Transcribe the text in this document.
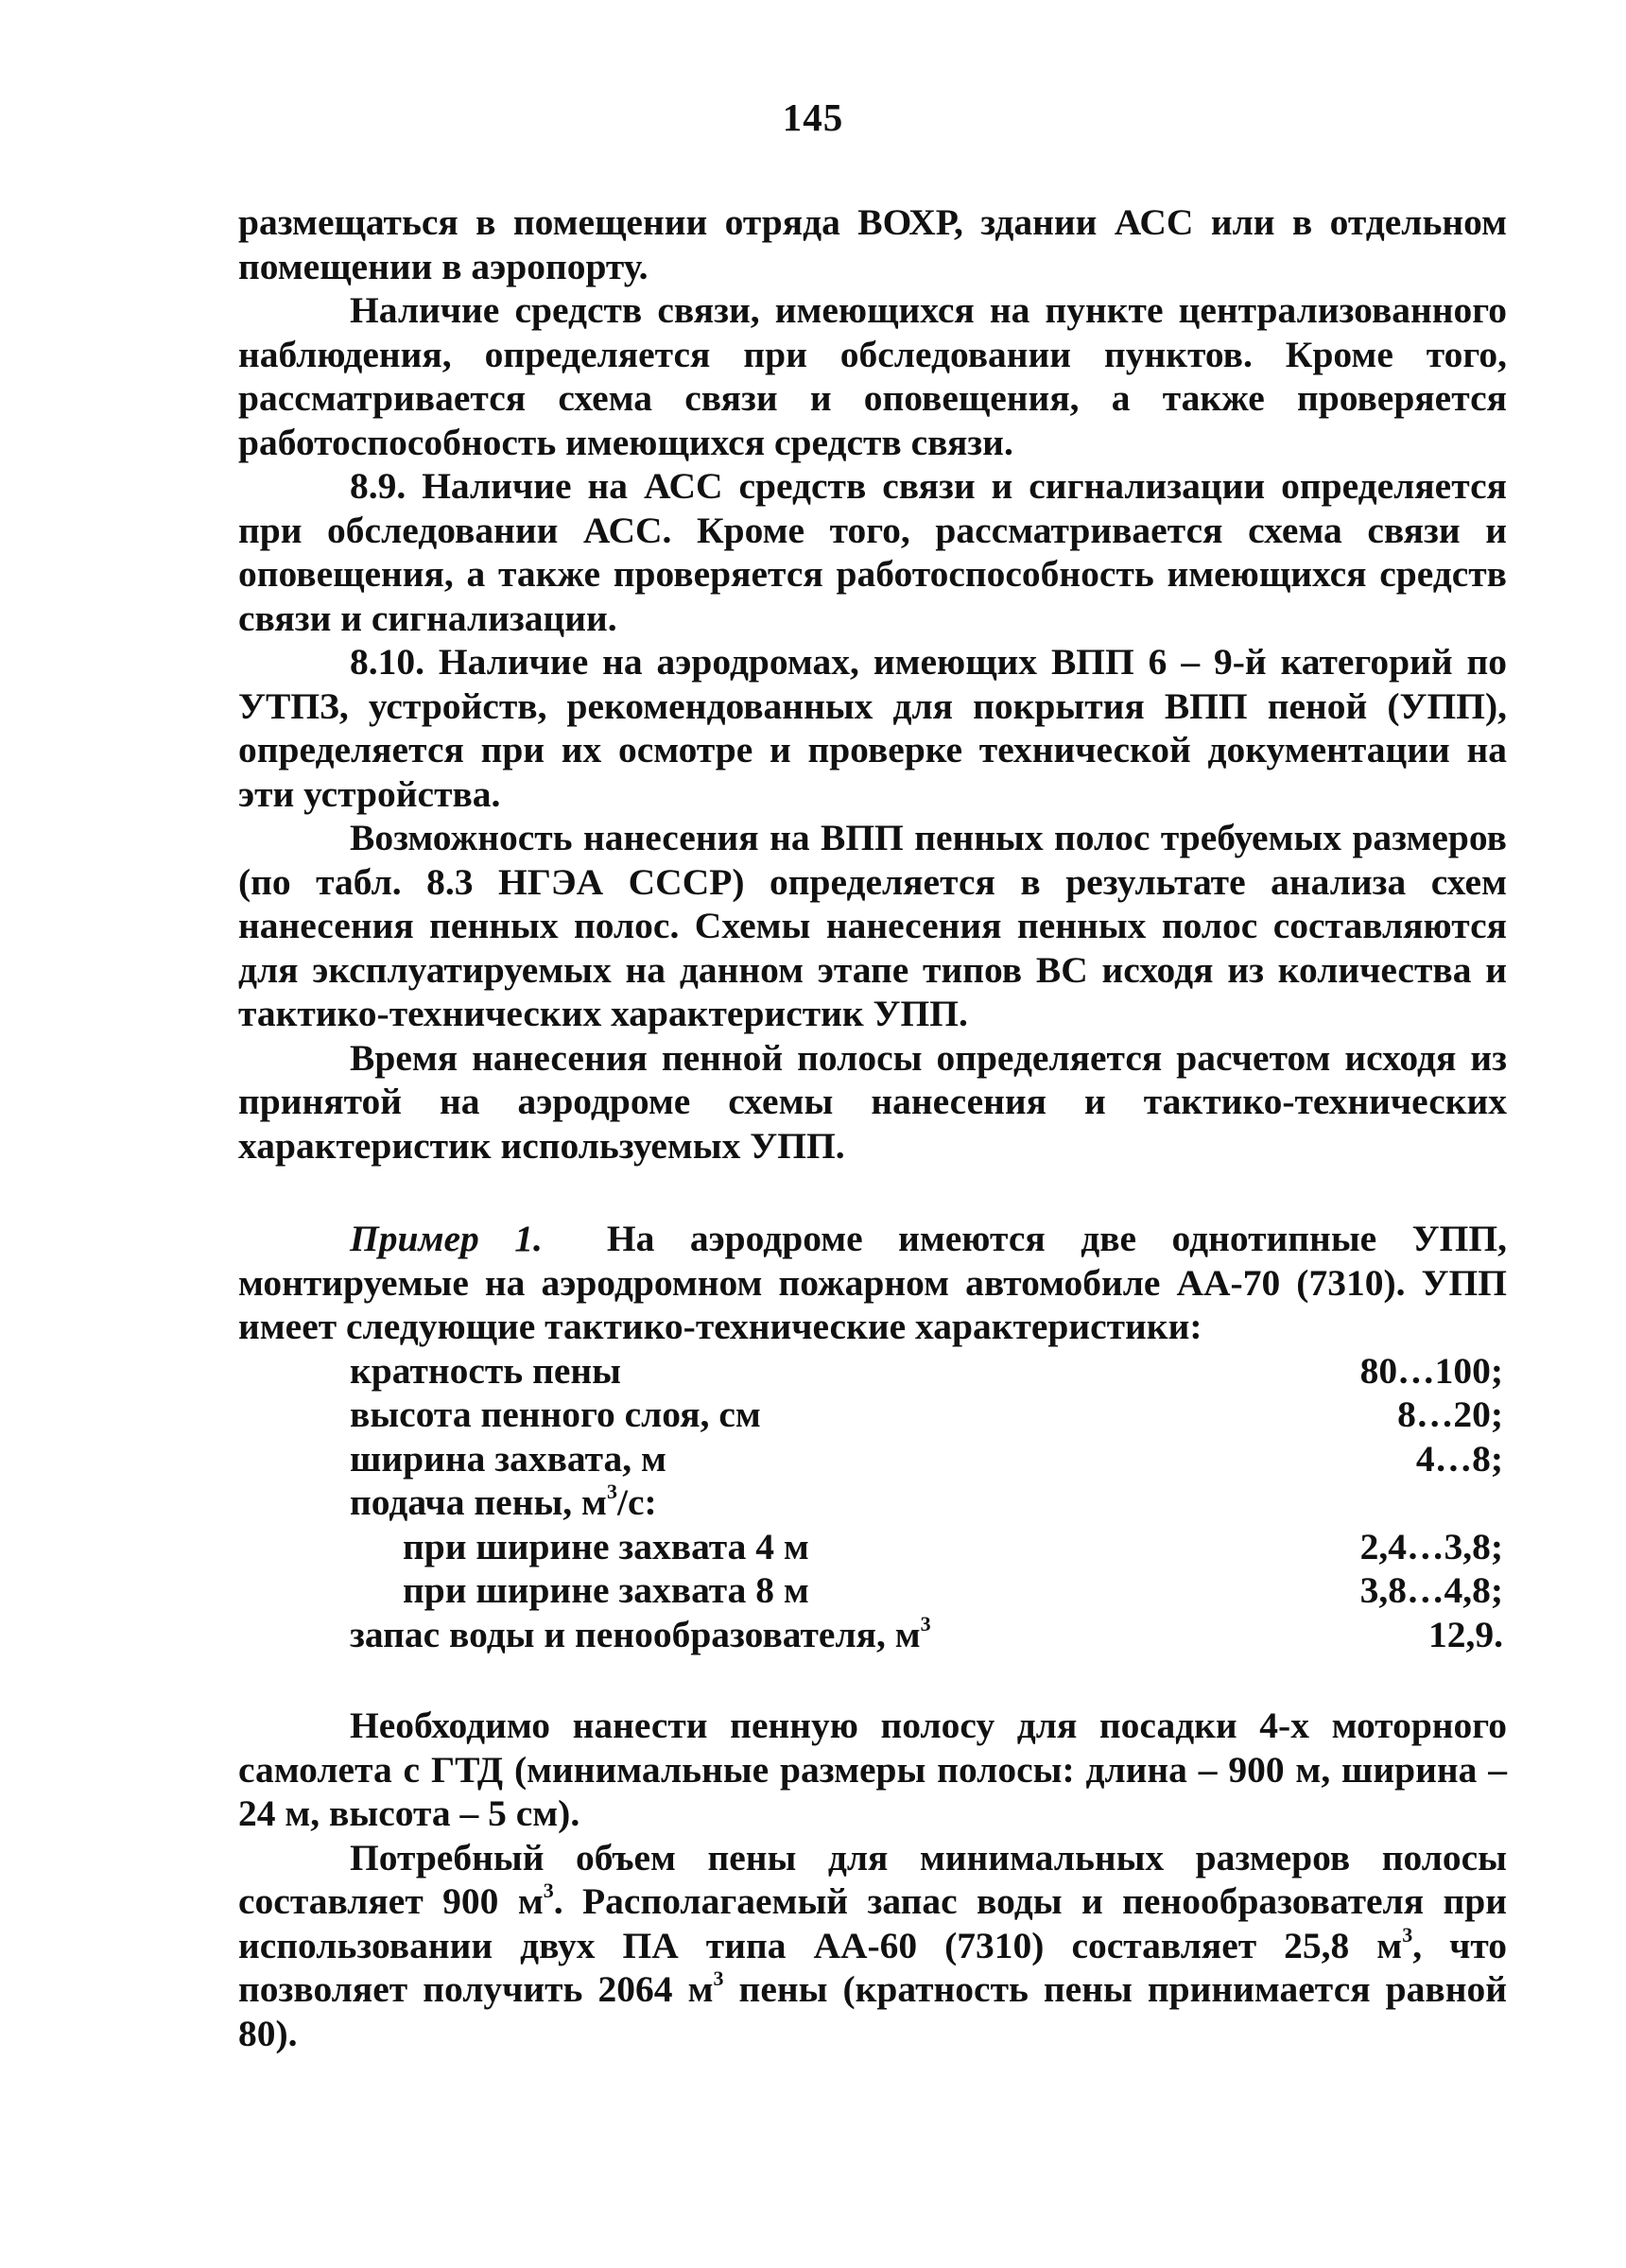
145

размещаться в помещении отряда ВОХР, здании АСС или в отдельном помещении в аэропорту.

Наличие средств связи, имеющихся на пункте централизованного наблюдения, определяется при обследовании пунктов. Кроме того, рассматривается схема связи и оповещения, а также проверяется работоспособность имеющихся средств связи.

8.9. Наличие на АСС средств связи и сигнализации определяется при обследовании АСС. Кроме того, рассматривается схема связи и оповещения, а также проверяется работоспособность имеющихся средств связи и сигнализации.

8.10. Наличие на аэродромах, имеющих ВПП 6 – 9-й категорий по УТПЗ, устройств, рекомендованных для покрытия ВПП пеной (УПП), определяется при их осмотре и проверке технической документации на эти устройства.

Возможность нанесения на ВПП пенных полос требуемых размеров (по табл. 8.3 НГЭА СССР) определяется в результате анализа схем нанесения пенных полос. Схемы нанесения пенных полос составляются для эксплуатируемых на данном этапе типов ВС исходя из количества и тактико-технических характеристик УПП.

Время нанесения пенной полосы определяется расчетом исходя из принятой на аэродроме схемы нанесения и тактико-технических характеристик используемых УПП.

Пример 1. На аэродроме имеются две однотипные УПП, монтируемые на аэродромном пожарном автомобиле АА-70 (7310). УПП имеет следующие тактико-технические характеристики:

кратность пены	80…100;
высота пенного слоя, см	8…20;
ширина захвата, м	4…8;
подача пены, $м^3/с$:
при ширине захвата 4 м	2,4…3,8;
при ширине захвата 8 м	3,8…4,8;
запас воды и пенообразователя, $м^3$	12,9.

Необходимо нанести пенную полосу для посадки 4-х моторного самолета с ГТД (минимальные размеры полосы: длина – 900 м, ширина – 24 м, высота – 5 см).

Потребный объем пены для минимальных размеров полосы составляет 900 $м^3$. Располагаемый запас воды и пенообразователя при использовании двух ПА типа АА-60 (7310) составляет 25,8 $м^3$, что позволяет получить 2064 $м^3$ пены (кратность пены принимается равной 80).
